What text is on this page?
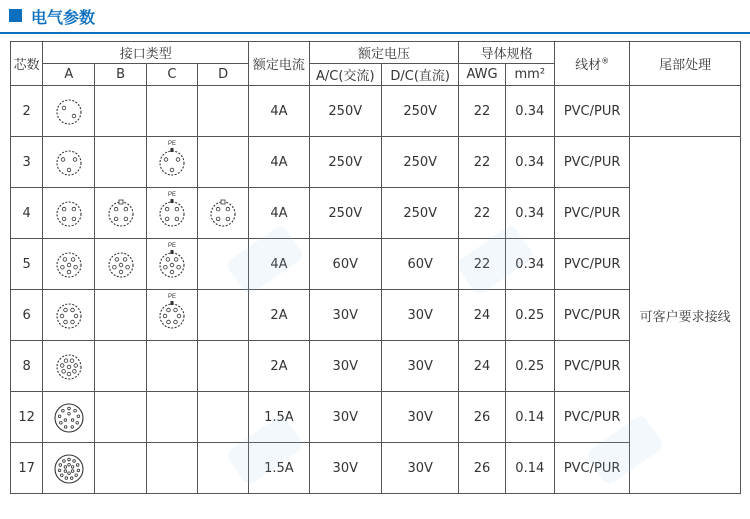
电气参数
芯数	接口类型				额定电流	额定电压		导体规格		线材®	尾部处理
	A	B	C	D		A/C(交流)	D/C(直流)	AWG	mm²		
2					4A	250V	250V	22	0.34	PVC/PUR	
3			PE		4A	250V	250V	22	0.34	PVC/PUR	可客户要求接线
4			PE		4A	250V	250V	22	0.34	PVC/PUR	
5			PE		4A	60V	60V	22	0.34	PVC/PUR	
6			PE		2A	30V	30V	24	0.25	PVC/PUR	
8					2A	30V	30V	24	0.25	PVC/PUR	
12					1.5A	30V	30V	26	0.14	PVC/PUR	
17					1.5A	30V	30V	26	0.14	PVC/PUR	
